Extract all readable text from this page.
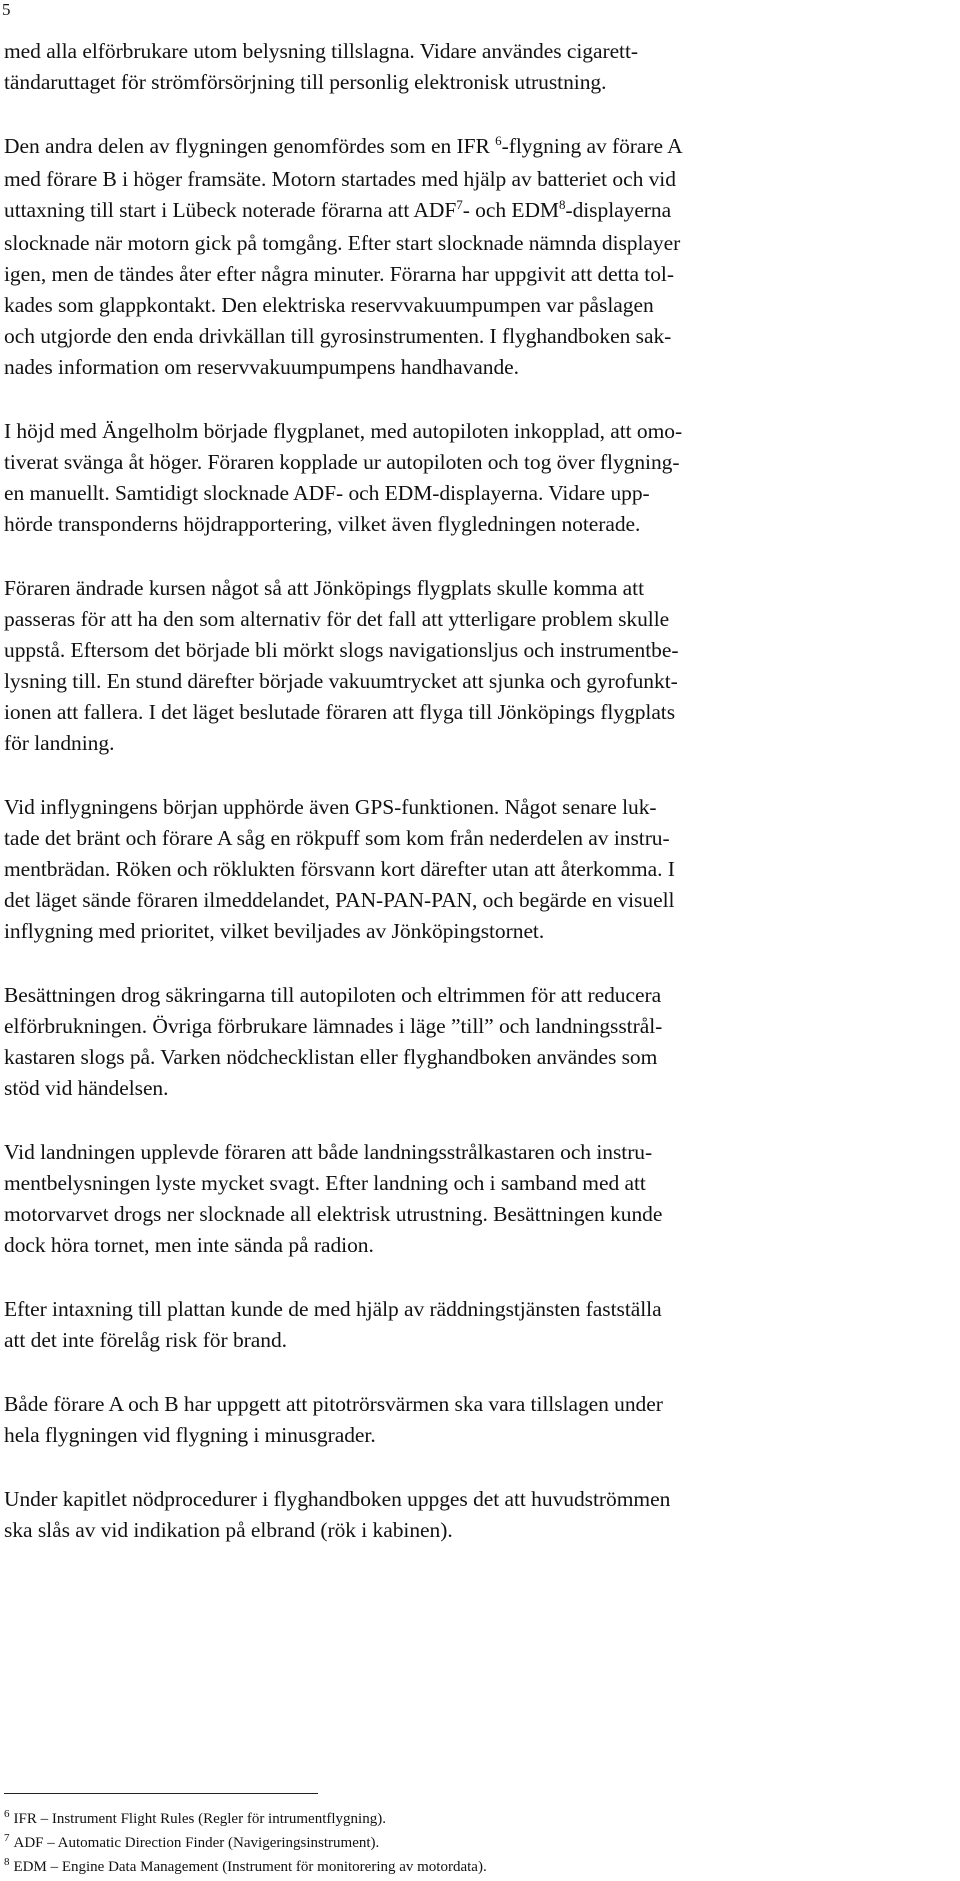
5
med alla elförbrukare utom belysning tillslagna. Vidare användes cigarett-
tändaruttaget för strömförsörjning till personlig elektronisk utrustning.
Den andra delen av flygningen genomfördes som en IFR $^6$-flygning av förare A
med förare B i höger framsäte. Motorn startades med hjälp av batteriet och vid
uttaxning till start i Lübeck noterade förarna att ADF$^7$- och EDM$^8$-displayerna
slocknade när motorn gick på tomgång. Efter start slocknade nämnda displayer
igen, men de tändes åter efter några minuter. Förarna har uppgivit att detta tol-
kades som glappkontakt. Den elektriska reservvakuumpumpen var påslagen
och utgjorde den enda drivkällan till gyrosinstrumenten. I flyghandboken sak-
nades information om reservvakuumpumpens handhavande.
I höjd med Ängelholm började flygplanet, med autopiloten inkopplad, att omo-
tiverat svänga åt höger. Föraren kopplade ur autopiloten och tog över flygning-
en manuellt. Samtidigt slocknade ADF- och EDM-displayerna. Vidare upp-
hörde transponderns höjdrapportering, vilket även flygledningen noterade.
Föraren ändrade kursen något så att Jönköpings flygplats skulle komma att
passeras för att ha den som alternativ för det fall att ytterligare problem skulle
uppstå. Eftersom det började bli mörkt slogs navigationsljus och instrumentbe-
lysning till. En stund därefter började vakuumtrycket att sjunka och gyrofunkt-
ionen att fallera. I det läget beslutade föraren att flyga till Jönköpings flygplats
för landning.
Vid inflygningens början upphörde även GPS-funktionen. Något senare luk-
tade det bränt och förare A såg en rökpuff som kom från nederdelen av instru-
mentbrädan. Röken och röklukten försvann kort därefter utan att återkomma. I
det läget sände föraren ilmeddelandet, PAN-PAN-PAN, och begärde en visuell
inflygning med prioritet, vilket beviljades av Jönköpingstornet.
Besättningen drog säkringarna till autopiloten och eltrimmen för att reducera
elförbrukningen. Övriga förbrukare lämnades i läge ”till” och landningsstrål-
kastaren slogs på. Varken nödchecklistan eller flyghandboken användes som
stöd vid händelsen.
Vid landningen upplevde föraren att både landningsstrålkastaren och instru-
mentbelysningen lyste mycket svagt. Efter landning och i samband med att
motorvarvet drogs ner slocknade all elektrisk utrustning. Besättningen kunde
dock höra tornet, men inte sända på radion.
Efter intaxning till plattan kunde de med hjälp av räddningstjänsten fastställa
att det inte förelåg risk för brand.
Både förare A och B har uppgett att pitotrörsvärmen ska vara tillslagen under
hela flygningen vid flygning i minusgrader.
Under kapitlet nödprocedurer i flyghandboken uppges det att huvudströmmen
ska slås av vid indikation på elbrand (rök i kabinen).
$^6$ IFR – Instrument Flight Rules (Regler för intrumentflygning).
$^7$ ADF – Automatic Direction Finder (Navigeringsinstrument).
$^8$ EDM – Engine Data Management (Instrument för monitorering av motordata).
